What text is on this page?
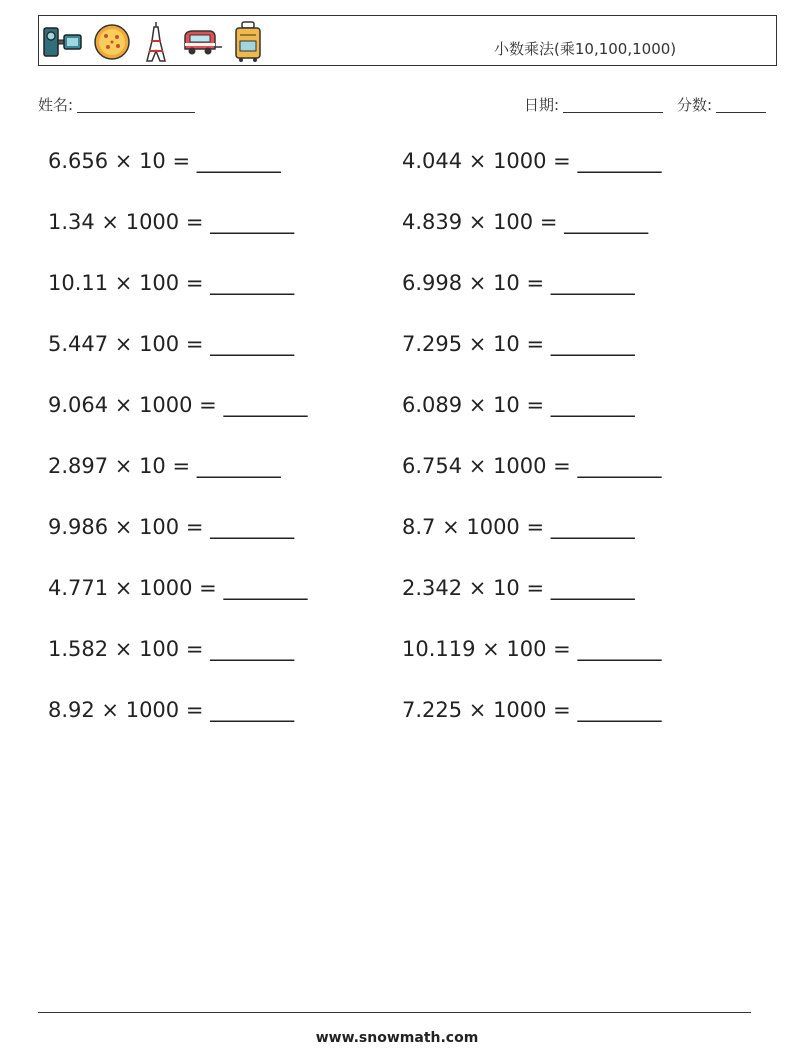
小数乘法(乘10,100,1000)
姓名:	日期:	分数:
6.656 × 10 = ________
1.34 × 1000 = ________
10.11 × 100 = ________
5.447 × 100 = ________
9.064 × 1000 = ________
2.897 × 10 = ________
9.986 × 100 = ________
4.771 × 1000 = ________
1.582 × 100 = ________
8.92 × 1000 = ________
4.044 × 1000 = ________
4.839 × 100 = ________
6.998 × 10 = ________
7.295 × 10 = ________
6.089 × 10 = ________
6.754 × 1000 = ________
8.7 × 1000 = ________
2.342 × 10 = ________
10.119 × 100 = ________
7.225 × 1000 = ________
www.snowmath.com
